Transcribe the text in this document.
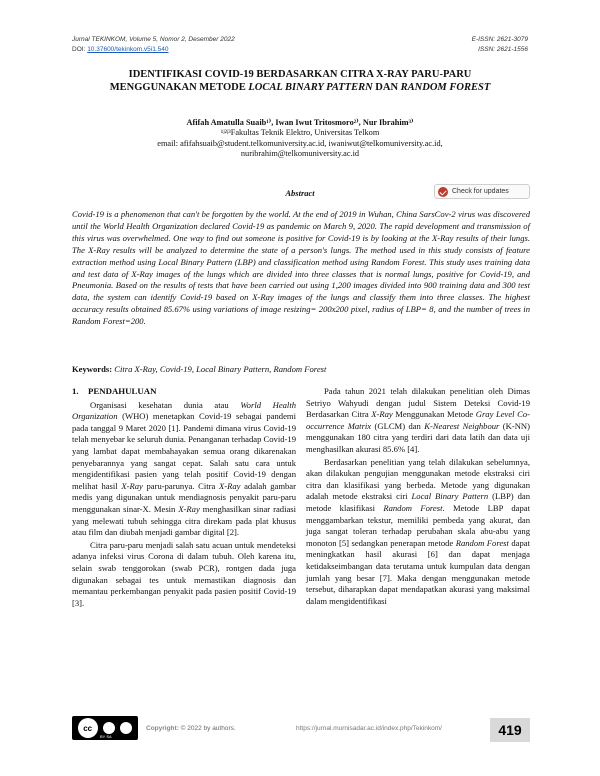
Jurnal TEKINKOM, Volume 5, Nomor 2, Desember 2022	E-ISSN: 2621-3079
DOI: 10.37600/tekinkom.v5i1.540	ISSN: 2621-1556
IDENTIFIKASI COVID-19 BERDASARKAN CITRA X-RAY PARU-PARU
MENGGUNAKAN METODE LOCAL BINARY PATTERN DAN RANDOM FOREST
Afifah Amatulla Suaib¹⁾, Iwan Iwut Tritosmoro²⁾, Nur Ibrahim³⁾
¹ʲ²ʲ³Fakultas Teknik Elektro, Universitas Telkom
email: afifahsuaib@student.telkomuniversity.ac.id, iwaniwut@telkomuniversity.ac.id,
nuribrahim@telkomuniversity.ac.id
Abstract	Check for updates
Covid-19 is a phenomenon that can't be forgotten by the world. At the end of 2019 in Wuhan, China SarsCov-2 virus was discovered until the World Health Organization declared Covid-19 as pandemic on March 9, 2020. The rapid development and transmission of this virus was overwhelmed. One way to find out someone is positive for Covid-19 is by looking at the X-Ray results of their lungs. The X-Ray results will be analyzed to determine the state of a person's lungs. The method used in this study consists of feature extraction method using Local Binary Pattern (LBP) and classification method using Random Forest. This study uses training data and test data of X-Ray images of the lungs which are divided into three classes that is normal lungs, positive for Covid-19, and Pneumonia. Based on the results of tests that have been carried out using 1,200 images divided into 900 training data and 300 test data, the system can identify Covid-19 based on X-Ray images of the lungs and classify them into three classes. The highest accuracy results obtained 85.67% using variations of image resizing= 200x200 pixel, radius of LBP= 8, and the number of trees in Random Forest=200.
Keywords: Citra X-Ray, Covid-19, Local Binary Pattern, Random Forest
1. PENDAHULUAN

Organisasi kesehatan dunia atau World Health Organization (WHO) menetapkan Covid-19 sebagai pandemi pada tanggal 9 Maret 2020 [1]. Pandemi dimana virus Covid-19 telah menyebar ke seluruh dunia. Penanganan terhadap Covid-19 yang lambat dapat membahayakan semua orang dikarenakan penyebarannya yang sangat cepat. Salah satu cara untuk mengidentifikasi pasien yang telah positif Covid-19 dengan melihat hasil X-Ray paru-parunya. Citra X-Ray adalah gambar medis yang digunakan untuk mendiagnosis penyakit paru-paru menggunakan sinar-X. Mesin X-Ray menghasilkan sinar radiasi yang melewati tubuh sehingga citra direkam pada plat khusus atau film dan diubah menjadi gambar digital [2].

Citra paru-paru menjadi salah satu acuan untuk mendeteksi adanya infeksi virus Corona di dalam tubuh. Oleh karena itu, selain swab tenggorokan (swab PCR), rontgen dada juga digunakan sebagai tes untuk memastikan diagnosis dan memantau perkembangan penyakit pada pasien positif Covid-19 [3].

Pada tahun 2021 telah dilakukan penelitian oleh Dimas Setriyo Wahyudi dengan judul Sistem Deteksi Covid-19 Berdasarkan Citra X-Ray Menggunakan Metode Gray Level Co-occurrence Matrix (GLCM) dan K-Nearest Neighbour (K-NN) menggunakan 180 citra yang terdiri dari data latih dan data uji menghasilkan akurasi 85.6% [4].

Berdasarkan penelitian yang telah dilakukan sebelumnya, akan dilakukan pengujian menggunakan metode ekstraksi ciri citra dan klasifikasi yang berbeda. Metode yang digunakan adalah metode ekstraksi ciri Local Binary Pattern (LBP) dan metode klasifikasi Random Forest. Metode LBP dapat menggambarkan tekstur, memiliki pembeda yang akurat, dan juga sangat toleran terhadap perubahan skala abu-abu yang monoton [5] sedangkan penerapan metode Random Forest dapat meningkatkan hasil akurasi [6] dan dapat menjaga ketidakseimbangan data terutama untuk kumpulan data dengan jumlah yang besar [7]. Maka dengan menggunakan metode tersebut, diharapkan dapat mendapatkan akurasi yang maksimal dalam mengidentifikasi

cc
BY SA
Copyright: © 2022 by authors.	https://jurnal.murnisadar.ac.id/index.php/Tekinkom/	419
